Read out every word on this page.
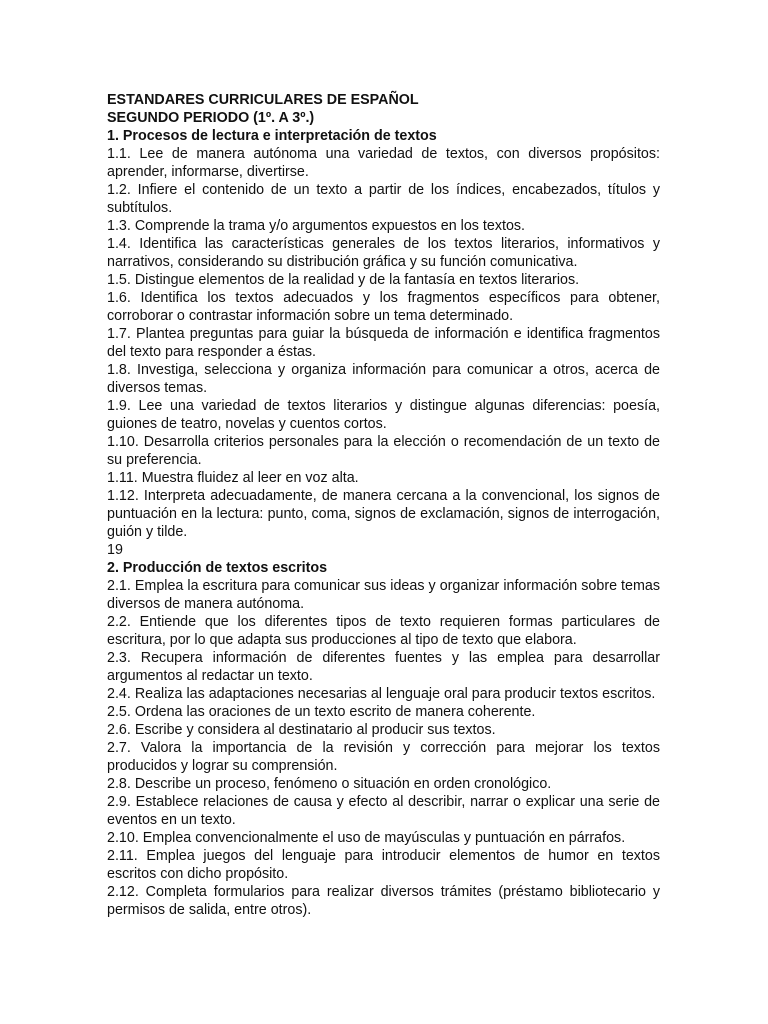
ESTANDARES CURRICULARES DE ESPAÑOL

SEGUNDO PERIODO (1º. A 3º.)

1. Procesos de lectura e interpretación de textos

1.1. Lee de manera autónoma una variedad de textos, con diversos propósitos: aprender, informarse, divertirse.

1.2. Infiere el contenido de un texto a partir de los índices, encabezados, títulos y subtítulos.

1.3. Comprende la trama y/o argumentos expuestos en los textos.

1.4. Identifica las características generales de los textos literarios, informativos y narrativos, considerando su distribución gráfica y su función comunicativa.

1.5. Distingue elementos de la realidad y de la fantasía en textos literarios.

1.6. Identifica los textos adecuados y los fragmentos específicos para obtener, corroborar o contrastar información sobre un tema determinado.

1.7. Plantea preguntas para guiar la búsqueda de información e identifica fragmentos del texto para responder a éstas.

1.8. Investiga, selecciona y organiza información para comunicar a otros, acerca de diversos temas.

1.9. Lee una variedad de textos literarios y distingue algunas diferencias: poesía, guiones de teatro, novelas y cuentos cortos.

1.10. Desarrolla criterios personales para la elección o recomendación de un texto de su preferencia.

1.11. Muestra fluidez al leer en voz alta.

1.12. Interpreta adecuadamente, de manera cercana a la convencional, los signos de puntuación en la lectura: punto, coma, signos de exclamación, signos de interrogación, guión y tilde.

19

2. Producción de textos escritos

2.1. Emplea la escritura para comunicar sus ideas y organizar información sobre temas diversos de manera autónoma.

2.2. Entiende que los diferentes tipos de texto requieren formas particulares de escritura, por lo que adapta sus producciones al tipo de texto que elabora.

2.3. Recupera información de diferentes fuentes y las emplea para desarrollar argumentos al redactar un texto.

2.4. Realiza las adaptaciones necesarias al lenguaje oral para producir textos escritos.

2.5. Ordena las oraciones de un texto escrito de manera coherente.

2.6. Escribe y considera al destinatario al producir sus textos.

2.7. Valora la importancia de la revisión y corrección para mejorar los textos producidos y lograr su comprensión.

2.8. Describe un proceso, fenómeno o situación en orden cronológico.

2.9. Establece relaciones de causa y efecto al describir, narrar o explicar una serie de eventos en un texto.

2.10. Emplea convencionalmente el uso de mayúsculas y puntuación en párrafos.

2.11. Emplea juegos del lenguaje para introducir elementos de humor en textos escritos con dicho propósito.

2.12. Completa formularios para realizar diversos trámites (préstamo bibliotecario y permisos de salida, entre otros).
